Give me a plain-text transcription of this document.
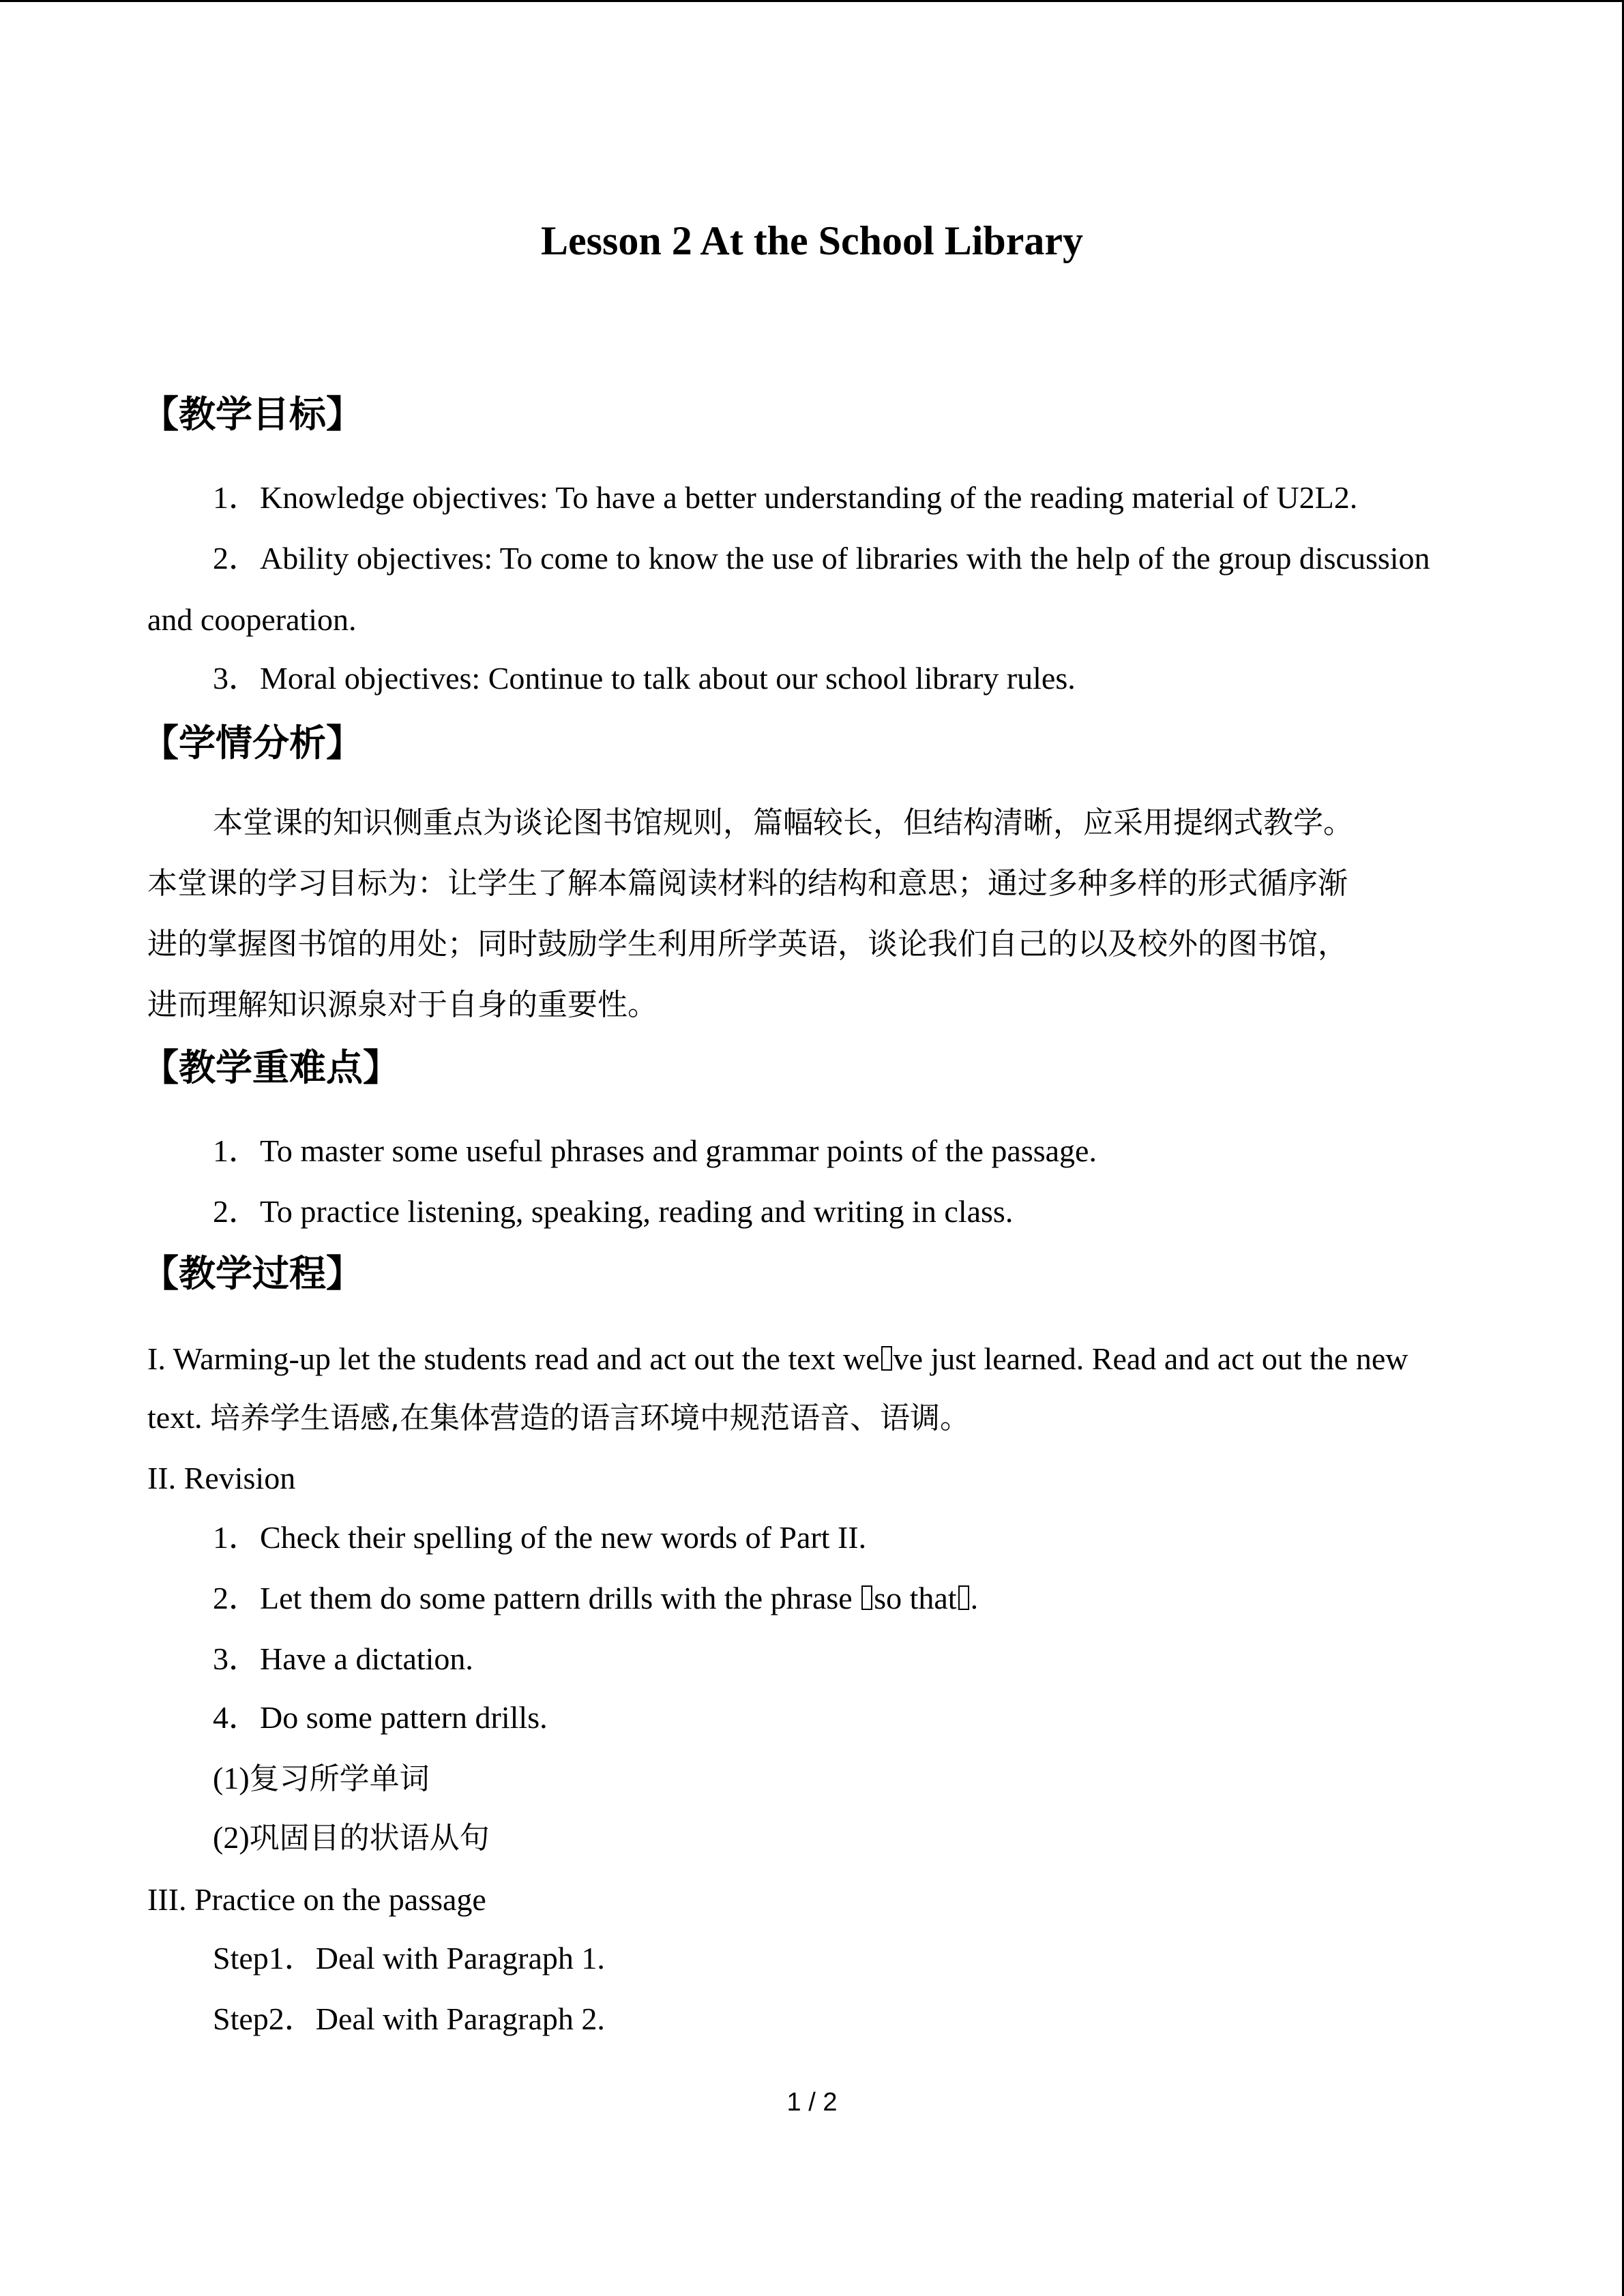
Lesson 2 At the School Library
【教学目标】
1．Knowledge objectives: To have a better understanding of the reading material of U2L2.
2．Ability objectives: To come to know the use of libraries with the help of the group discussion
and cooperation.
3．Moral objectives: Continue to talk about our school library rules.
【学情分析】
本堂课的知识侧重点为谈论图书馆规则，篇幅较长，但结构清晰，应采用提纲式教学。
本堂课的学习目标为：让学生了解本篇阅读材料的结构和意思；通过多种多样的形式循序渐
进的掌握图书馆的用处；同时鼓励学生利用所学英语，谈论我们自己的以及校外的图书馆，
进而理解知识源泉对于自身的重要性。
【教学重难点】
1．To master some useful phrases and grammar points of the passage.
2．To practice listening, speaking, reading and writing in class.
【教学过程】
I. Warming-up let the students read and act out the text we ve just learned. Read and act out the new
text. 培养学生语感,在集体营造的语言环境中规范语音、语调。
II. Revision
1．Check their spelling of the new words of Part II.
2．Let them do some pattern drills with the phrase so that .
3．Have a dictation.
4．Do some pattern drills.
(1)复习所学单词
(2)巩固目的状语从句
III. Practice on the passage
Step1．Deal with Paragraph 1.
Step2．Deal with Paragraph 2.
1 / 2
